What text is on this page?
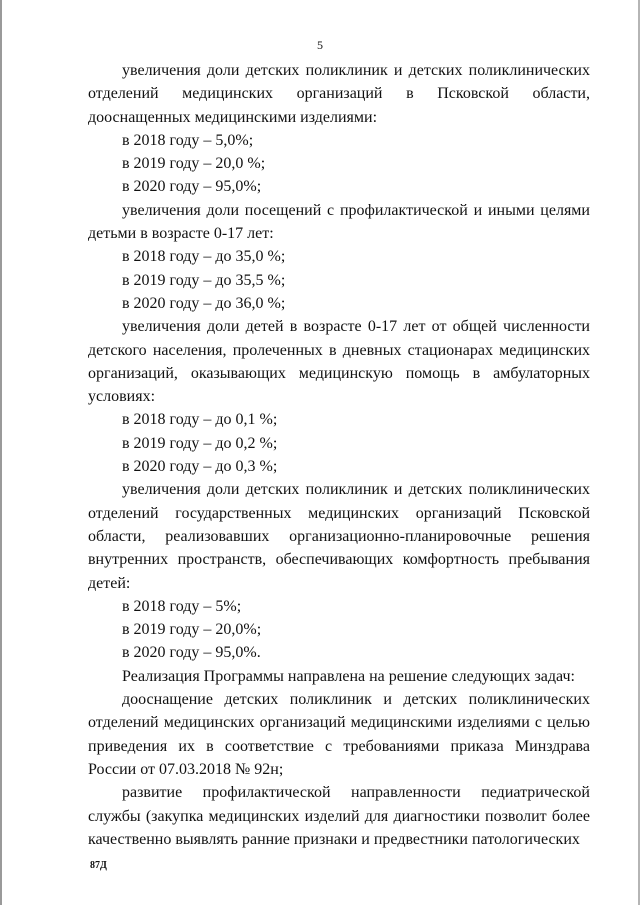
5

увеличения доли детских поликлиник и детских поликлинических отделений медицинских организаций в Псковской области, дооснащенных медицинскими изделиями:

в 2018 году – 5,0%;

в 2019 году – 20,0 %;

в 2020 году – 95,0%;

увеличения доли посещений с профилактической и иными целями детьми в возрасте 0-17 лет:

в 2018 году – до 35,0 %;

в 2019 году – до 35,5 %;

в 2020 году – до 36,0 %;

увеличения доли детей в возрасте 0-17 лет от общей численности детского населения, пролеченных в дневных стационарах медицинских организаций, оказывающих медицинскую помощь в амбулаторных условиях:

в 2018 году – до 0,1 %;

в 2019 году – до 0,2 %;

в 2020 году – до 0,3 %;

увеличения доли детских поликлиник и детских поликлинических отделений государственных медицинских организаций Псковской области, реализовавших организационно-планировочные решения внутренних пространств, обеспечивающих комфортность пребывания детей:

в 2018 году – 5%;

в 2019 году – 20,0%;

в 2020 году – 95,0%.

Реализация Программы направлена на решение следующих задач:

дооснащение детских поликлиник и детских поликлинических отделений медицинских организаций медицинскими изделиями с целью приведения их в соответствие с требованиями приказа Минздрава России от 07.03.2018 № 92н;

развитие профилактической направленности педиатрической службы (закупка медицинских изделий для диагностики позволит более качественно выявлять ранние признаки и предвестники патологических

87Д
